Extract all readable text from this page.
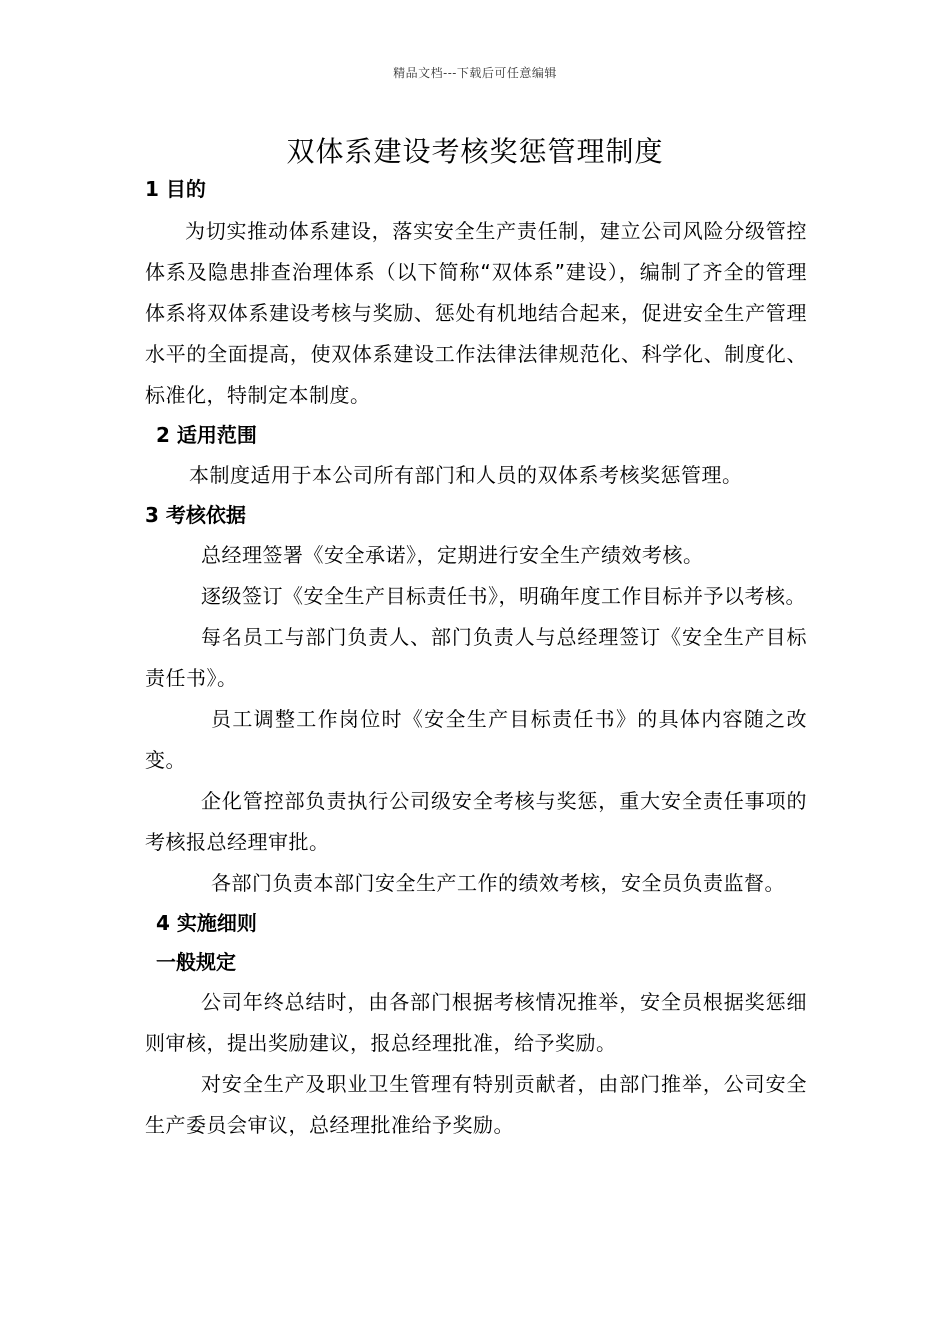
精品文档---下载后可任意编辑
双体系建设考核奖惩管理制度
1 目的
为切实推动体系建设，落实安全生产责任制，建立公司风险分级管控体系及隐患排查治理体系（以下简称“双体系”建设），编制了齐全的管理体系将双体系建设考核与奖励、惩处有机地结合起来，促进安全生产管理水平的全面提高，使双体系建设工作法律法律规范化、科学化、制度化、标准化，特制定本制度。
2 适用范围
本制度适用于本公司所有部门和人员的双体系考核奖惩管理。
3 考核依据
总经理签署《安全承诺》，定期进行安全生产绩效考核。
逐级签订《安全生产目标责任书》，明确年度工作目标并予以考核。
每名员工与部门负责人、部门负责人与总经理签订《安全生产目标责任书》。
员工调整工作岗位时《安全生产目标责任书》的具体内容随之改变。
企化管控部负责执行公司级安全考核与奖惩，重大安全责任事项的考核报总经理审批。
各部门负责本部门安全生产工作的绩效考核，安全员负责监督。
4 实施细则
一般规定
公司年终总结时，由各部门根据考核情况推举，安全员根据奖惩细则审核，提出奖励建议，报总经理批准，给予奖励。
对安全生产及职业卫生管理有特别贡献者，由部门推举，公司安全生产委员会审议，总经理批准给予奖励。
